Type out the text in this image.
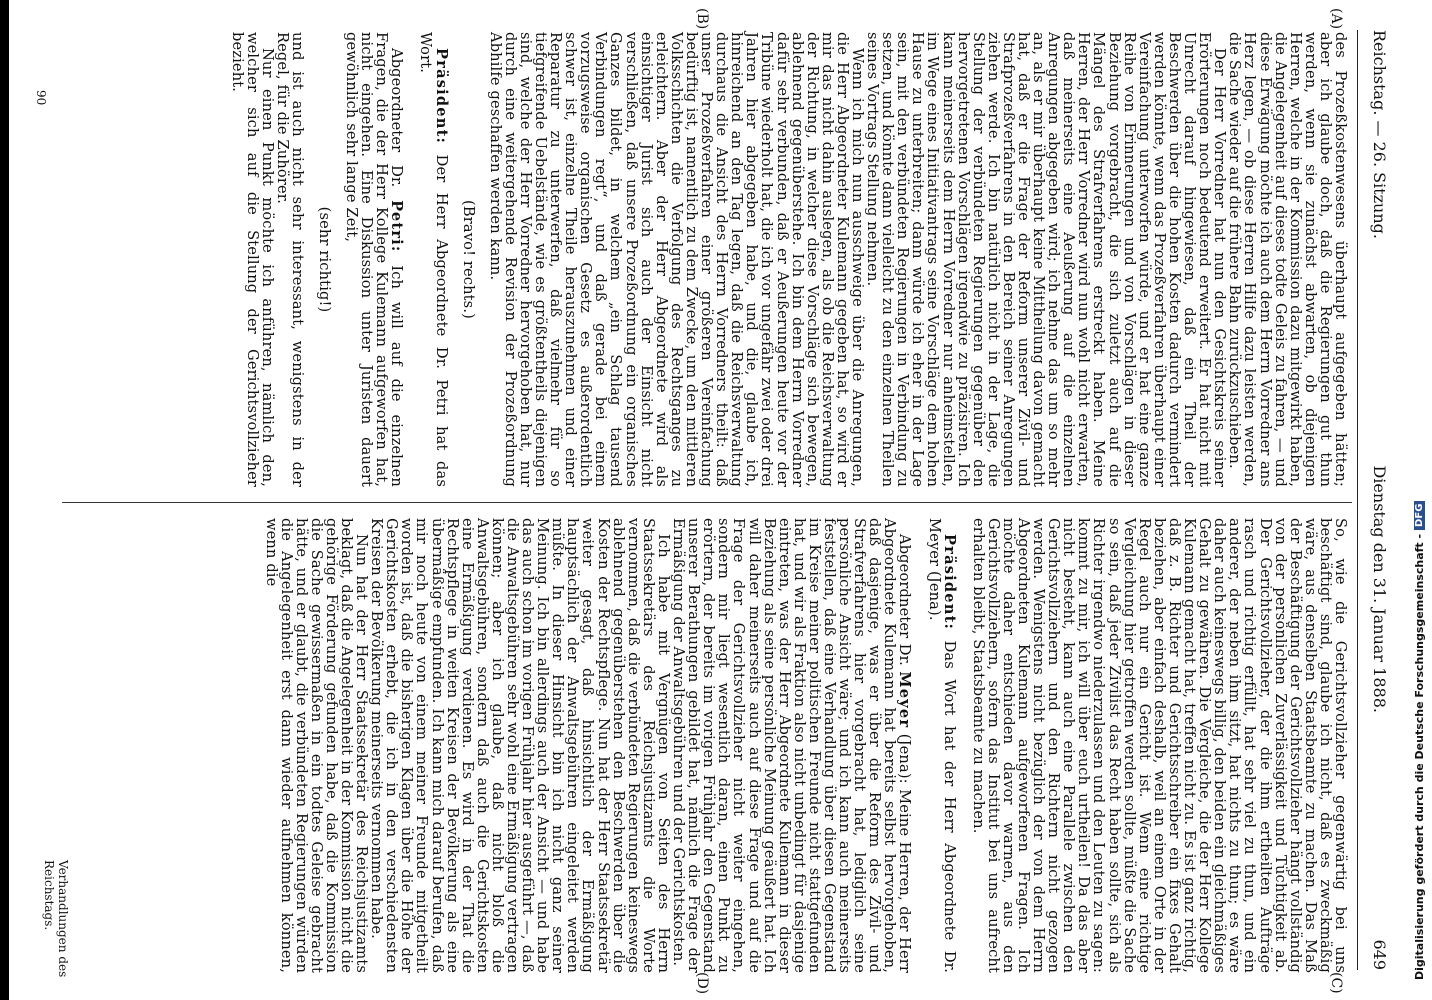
Reichstag. — 26. Sitzung.
Dienstag den 31. Januar 1888.
649
(A)
(B)
(C)
(D)

des Prozeßkostenwesens überhaupt aufgegeben hätten; aber ich glaube doch, daß die Regierungen gut thun werden, wenn sie zunächst abwarten, ob diejenigen Herren, welche in der Kommission dazu mitgewirkt haben, die Angelegenheit auf dieses todte Geleis zu fahren, — und diese Erwägung möchte ich auch dem Herrn Vorredner ans Herz legen, — ob diese Herren Hilfe dazu leisten werden, die Sache wieder auf die frühere Bahn zurückzuschieben.

Der Herr Vorredner hat nun den Gesichtskreis seiner Erörterungen noch bedeutend erweitert. Er hat nicht mit Unrecht darauf hingewiesen, daß ein Theil der Beschwerden über die hohen Kosten dadurch vermindert werden könnte, wenn das Prozeßverfahren überhaupt einer Vereinfachung unterworfen würde, und er hat eine ganze Reihe von Erinnerungen und von Vorschlägen in dieser Beziehung vorgebracht, die sich zuletzt auch auf die Mängel des Strafverfahrens erstreckt haben. Meine Herren, der Herr Vorredner wird nun wohl nicht erwarten, daß meinerseits eine Aeußerung auf die einzelnen Anregungen abgegeben wird; ich nehme das um so mehr an, als er mir überhaupt keine Mittheilung davon gemacht hat, daß er die Frage der Reform unserer Zivil- und Strafprozeßverfahrens in den Bereich seiner Anregungen ziehen werde. Ich bin natürlich nicht in der Lage, die Stellung der verbündeten Regierungen gegenüber den hervorgetretenen Vorschlägen irgendwie zu präzisiren. Ich kann meinerseits dem Herrn Vorredner nur anheimstellen, im Wege eines Initiativantrags seine Vorschläge dem hohen Hause zu unterbreiten; dann würde ich eher in der Lage sein, mit den verbündeten Regierungen in Verbindung zu setzen, und könnte dann vielleicht zu den einzelnen Theilen seines Vortrags Stellung nehmen.

Wenn ich mich nun ausschweige über die Anregungen, die Herr Abgeordneter Kulemann gegeben hat, so wird er mir das nicht dahin auslegen, als ob die Reichsverwaltung der Richtung, in welcher diese Vorschläge sich bewegen, ablehnend gegenüberstehe. Ich bin dem Herrn Vorredner dafür sehr verbunden, daß er Aeußerungen heute vor der Tribüne wiederholt hat, die ich vor ungefähr zwei oder drei Jahren hier abgegeben habe, und die, glaube ich, hinreichend an den Tag legen, daß die Reichsverwaltung durchaus die Ansicht des Herrn Vorredners theilt: daß unser Prozeßverfahren einer größeren Vereinfachung bedürftig ist, namentlich zu dem Zwecke, um den mittleren Volksschichten die Verfolgung des Rechtsganges zu erleichtern. Aber der Herr Abgeordnete wird als einsichtiger Jurist sich auch der Einsicht nicht verschließen, daß unsere Prozeßordnung ein organisches Ganzes bildet, in welchem „ein Schlag tausend Verbindungen regt“, und daß gerade bei einem vorzugsweise organischen Gesetz es außerordentlich schwer ist, einzelne Theile herauszunehmen und einer Reparatur zu unterwerfen, daß vielmehr für so tiefgreifende Uebelstände, wie es größtentheils diejenigen sind, welche der Herr Vorredner hervorgehoben hat, nur durch eine weitergehende Revision der Prozeßordnung Abhilfe geschaffen werden kann.

(Bravo! rechts.)

Präsident: Der Herr Abgeordnete Dr. Petri hat das Wort.

Abgeordneter Dr. Petri: Ich will auf die einzelnen Fragen, die der Herr Kollege Kulemann aufgeworfen hat, nicht eingehen. Eine Diskussion unter Juristen dauert gewöhnlich sehr lange Zeit,

(sehr richtig!)

und ist auch nicht sehr interessant, wenigstens in der Regel, für die Zuhörer.

Nur einen Punkt möchte ich anführen, nämlich den, welcher sich auf die Stellung der Gerichtsvollzieher bezieht.

So, wie die Gerichtsvollzieher gegenwärtig bei uns beschäftigt sind, glaube ich nicht, daß es zweckmäßig wäre, aus denselben Staatsbeamte zu machen. Das Maß der Beschäftigung der Gerichtsvollzieher hängt vollständig von der persönlichen Zuverlässigkeit und Tüchtigkeit ab. Der Gerichtsvollzieher, der die ihm ertheilten Aufträge rasch und richtig erfüllt, hat sehr viel zu thun, und ein anderer, der neben ihm sitzt, hat nichts zu thun; es wäre daher auch keineswegs billig, den beiden ein gleichmäßiges Gehalt zu gewähren. Die Vergleiche, die der Herr Kollege Kulemann gemacht hat, treffen nicht zu. Es ist ganz richtig, daß z. B. Richter und Gerichtsschreiber ein fixes Gehalt beziehen, aber einfach deshalb, weil an einem Orte in der Regel auch nur ein Gericht ist. Wenn eine richtige Vergleichung hier getroffen werden sollte, müßte die Sache so sein, daß jeder Zivilist das Recht haben sollte, sich als Richter irgendwo niederzulassen und den Leuten zu sagen: kommt zu mir, ich will über euch urtheilen! Da das aber nicht besteht, kann auch eine Parallele zwischen den Gerichtsvollziehern und den Richtern nicht gezogen werden. Wenigstens nicht bezüglich der von dem Herrn Abgeordneten Kulemann aufgeworfenen Fragen. Ich möchte daher entschieden davor warnen, aus den Gerichtsvollziehern, sofern das Institut bei uns aufrecht erhalten bleibt, Staatsbeamte zu machen.

Präsident: Das Wort hat der Herr Abgeordnete Dr. Meyer (Jena).

Abgeordneter Dr. Meyer (Jena): Meine Herren, der Herr Abgeordnete Kulemann hat bereits selbst hervorgehoben, daß dasjenige, was er über die Reform des Zivil- und Strafverfahrens hier vorgebracht hat, lediglich seine persönliche Ansicht wäre; und ich kann auch meinerseits feststellen, daß eine Verhandlung über diesen Gegenstand im Kreise meiner politischen Freunde nicht stattgefunden hat, und wir als Fraktion also nicht unbedingt für dasjenige eintreten, was der Herr Abgeordnete Kulemann in dieser Beziehung als seine persönliche Meinung geäußert hat. Ich will daher meinerseits auch auf diese Frage und auf die Frage der Gerichtsvollzieher nicht weiter eingehen, sondern mir liegt wesentlich daran, einen Punkt zu erörtern, der bereits im vorigen Frühjahr den Gegenstand unserer Berathungen gebildet hat, nämlich die Frage der Ermäßigung der Anwaltsgebühren und der Gerichtskosten.

Ich habe mit Vergnügen von Seiten des Herrn Staatssekretärs des Reichsjustizamts die Worte vernommen, daß die verbündeten Regierungen keineswegs ablehnend gegenüberstehen den Beschwerden über die Kosten der Rechtspflege. Nun hat der Herr Staatssekretär weiter gesagt, daß hinsichtlich der Ermäßigung hauptsächlich der Anwaltsgebühren eingeleitet werden müßte. In dieser Hinsicht bin ich nicht ganz seiner Meinung. Ich bin allerdings auch der Ansicht — und habe das auch schon im vorigen Frühjahr hier ausgeführt —, daß die Anwaltsgebühren sehr wohl eine Ermäßigung vertragen können; aber ich glaube, daß nicht bloß die Anwaltsgebühren, sondern daß auch die Gerichtskosten eine Ermäßigung verdienen. Es wird in der That die Rechtspflege in weiten Kreisen der Bevölkerung als eine übermäßige empfunden. Ich kann mich darauf berufen, daß mir noch heute von einem meiner Freunde mitgetheilt worden ist, daß die bisherigen Klagen über die Höhe der Gerichtskosten erhebt, die ich in den verschiedensten Kreisen der Bevölkerung meinerseits vernommen habe.

Nun hat der Herr Staatssekretär des Reichsjustizamts beklagt, daß die Angelegenheit in der Kommission nicht die gehörige Förderung gefunden habe, daß die Kommission die Sache gewissermaßen in ein todtes Geleise gebracht hätte, und er glaubt, die verbündeten Regierungen würden die Angelegenheit erst dann wieder aufnehmen können, wenn die

Verhandlungen des Reichstags.
90
Digitalisierung gefördert durch die Deutsche Forschungsgemeinschaft -
DFG
